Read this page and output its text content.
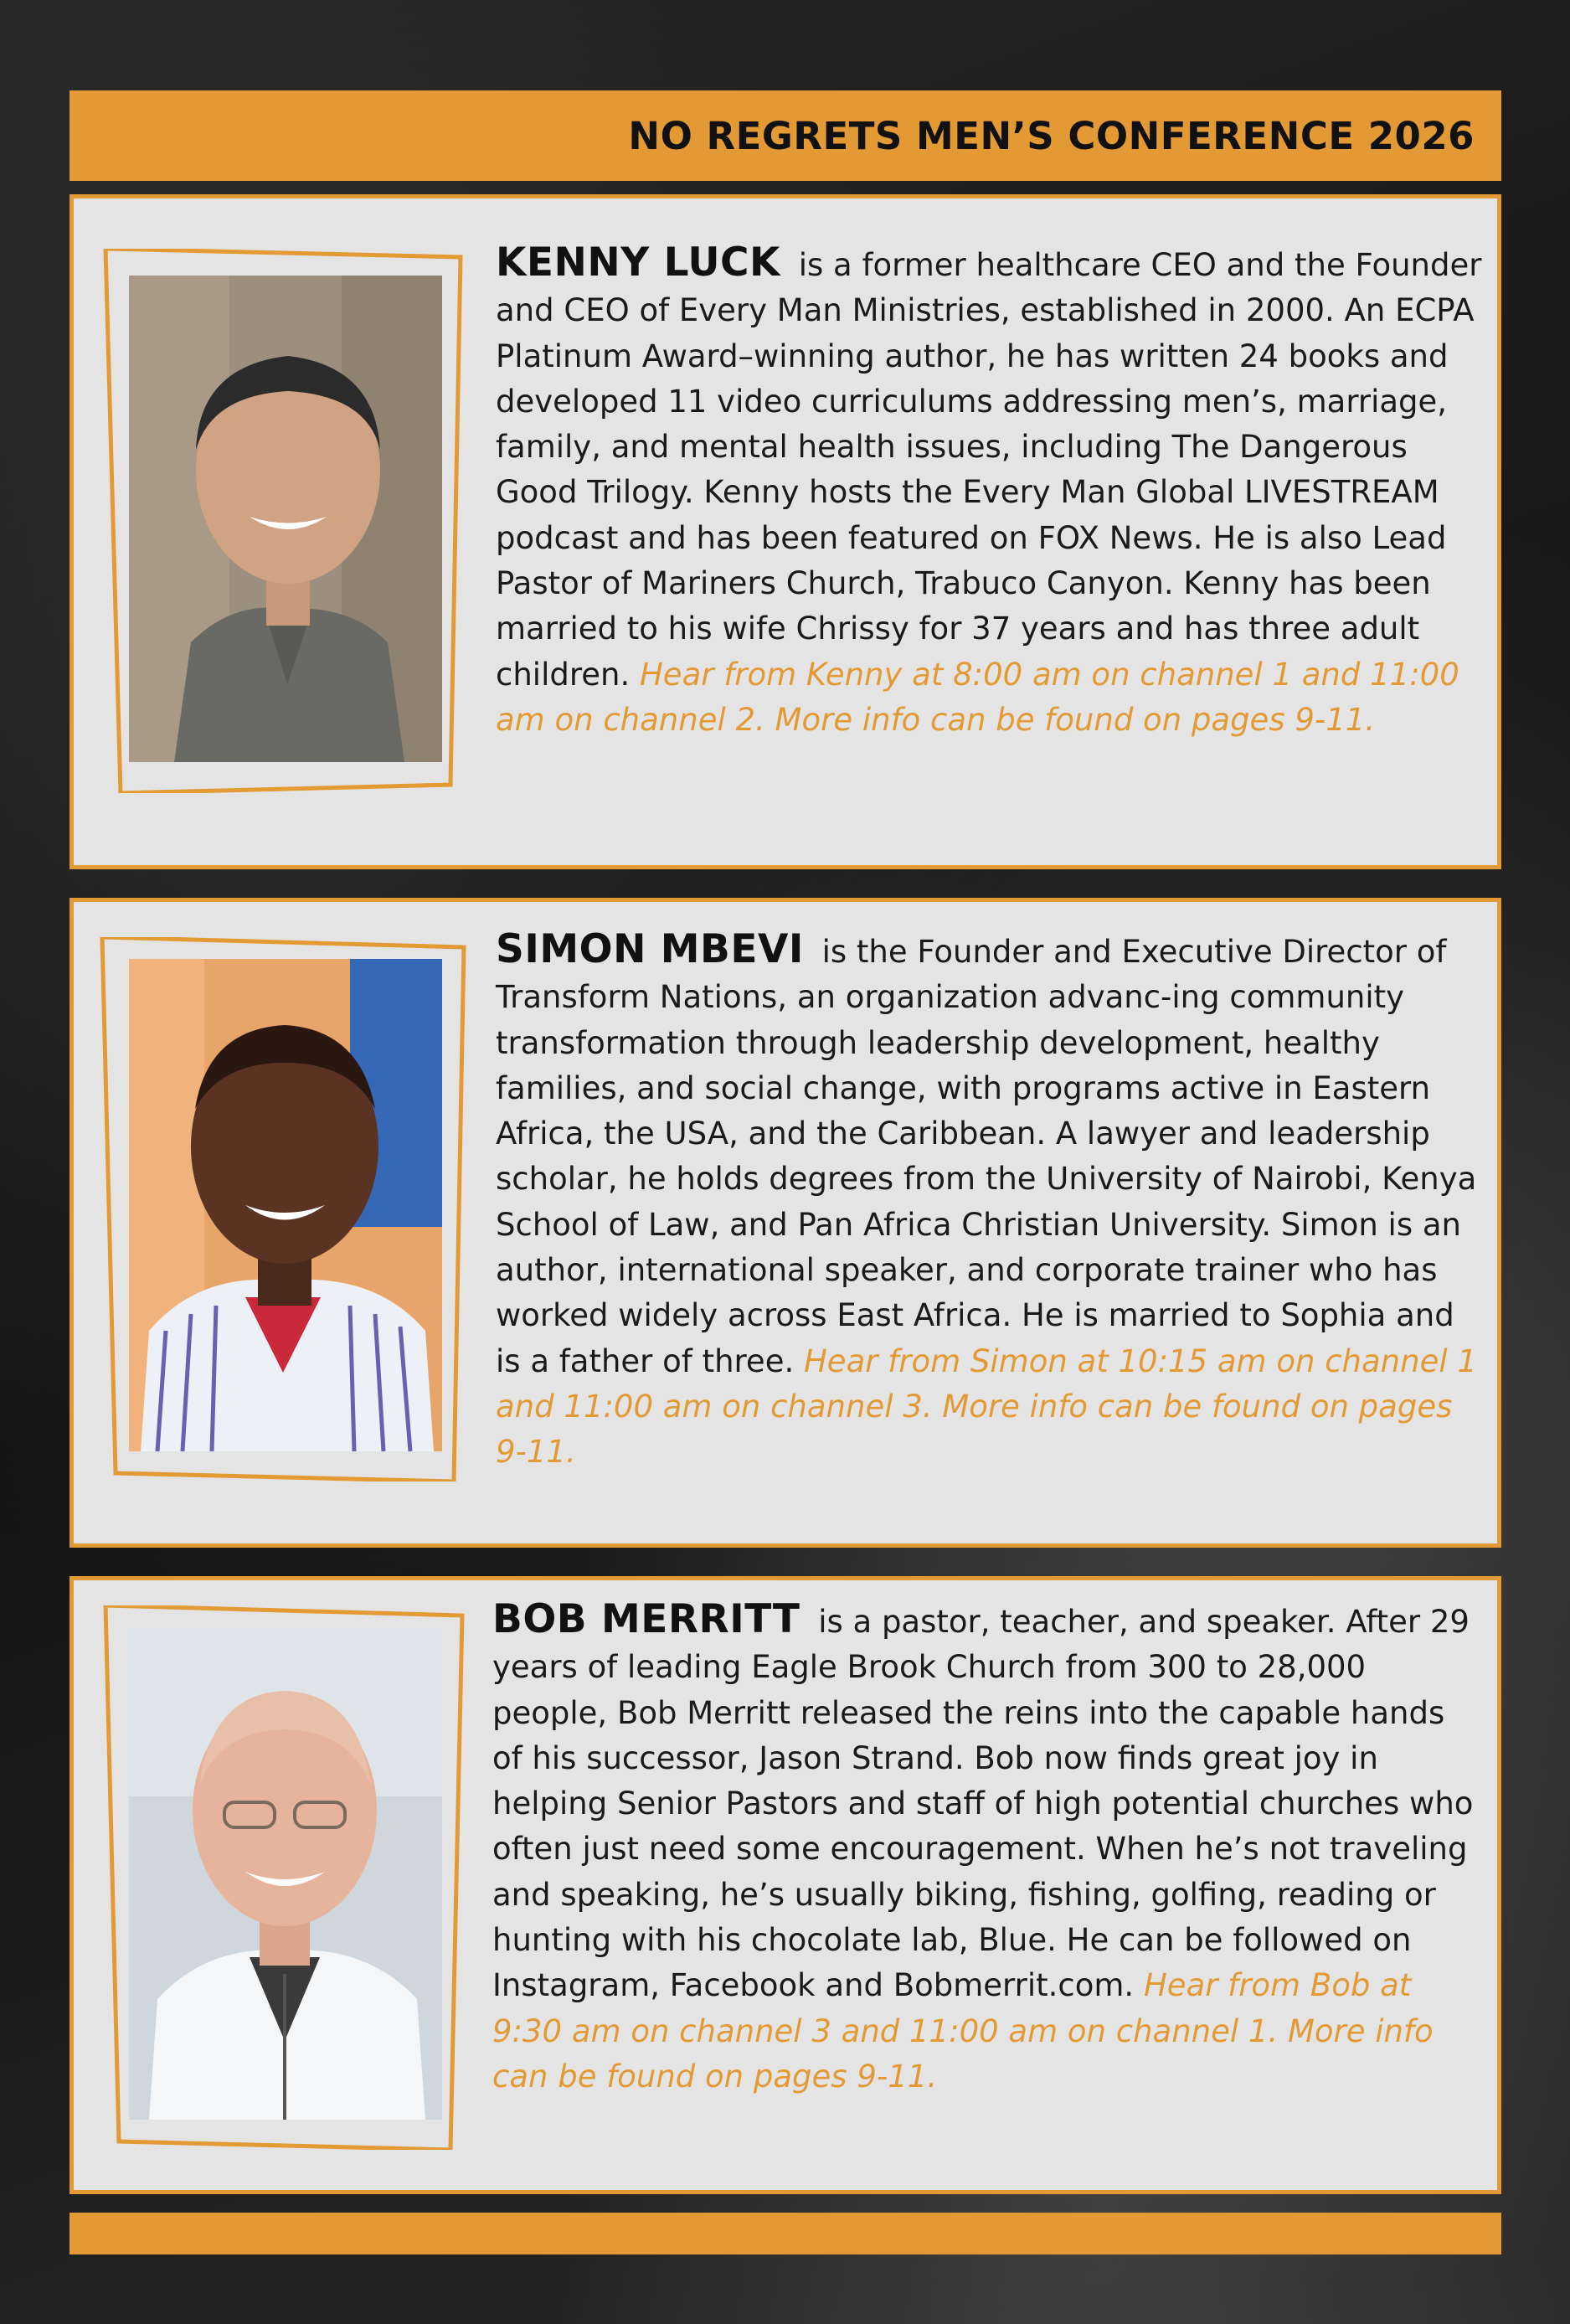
NO REGRETS MEN’S CONFERENCE 2026

KENNY LUCK is a former healthcare CEO and the Founder and CEO of Every Man Ministries, established in 2000. An ECPA Platinum Award–winning author, he has written 24 books and developed 11 video curriculums addressing men’s, marriage, family, and mental health issues, including The Dangerous Good Trilogy. Kenny hosts the Every Man Global LIVESTREAM podcast and has been featured on FOX News. He is also Lead Pastor of Mariners Church, Trabuco Canyon. Kenny has been married to his wife Chrissy for 37 years and has three adult children. Hear from Kenny at 8:00 am on channel 1 and 11:00 am on channel 2. More info can be found on pages 9-11.

SIMON MBEVI is the Founder and Executive Director of Transform Nations, an organization advanc-ing community transformation through leadership development, healthy families, and social change, with programs active in Eastern Africa, the USA, and the Caribbean. A lawyer and leadership scholar, he holds degrees from the University of Nairobi, Kenya School of Law, and Pan Africa Christian University. Simon is an author, international speaker, and corporate trainer who has worked widely across East Africa. He is married to Sophia and is a father of three. Hear from Simon at 10:15 am on channel 1 and 11:00 am on channel 3. More info can be found on pages 9-11.

BOB MERRITT is a pastor, teacher, and speaker. After 29 years of leading Eagle Brook Church from 300 to 28,000 people, Bob Merritt released the reins into the capable hands of his successor, Jason Strand. Bob now finds great joy in helping Senior Pastors and staff of high potential churches who often just need some encouragement. When he’s not traveling and speaking, he’s usually biking, fishing, golfing, reading or hunting with his chocolate lab, Blue. He can be followed on Instagram, Facebook and Bobmerrit.com. Hear from Bob at 9:30 am on channel 3 and 11:00 am on channel 1. More info can be found on pages 9-11.
